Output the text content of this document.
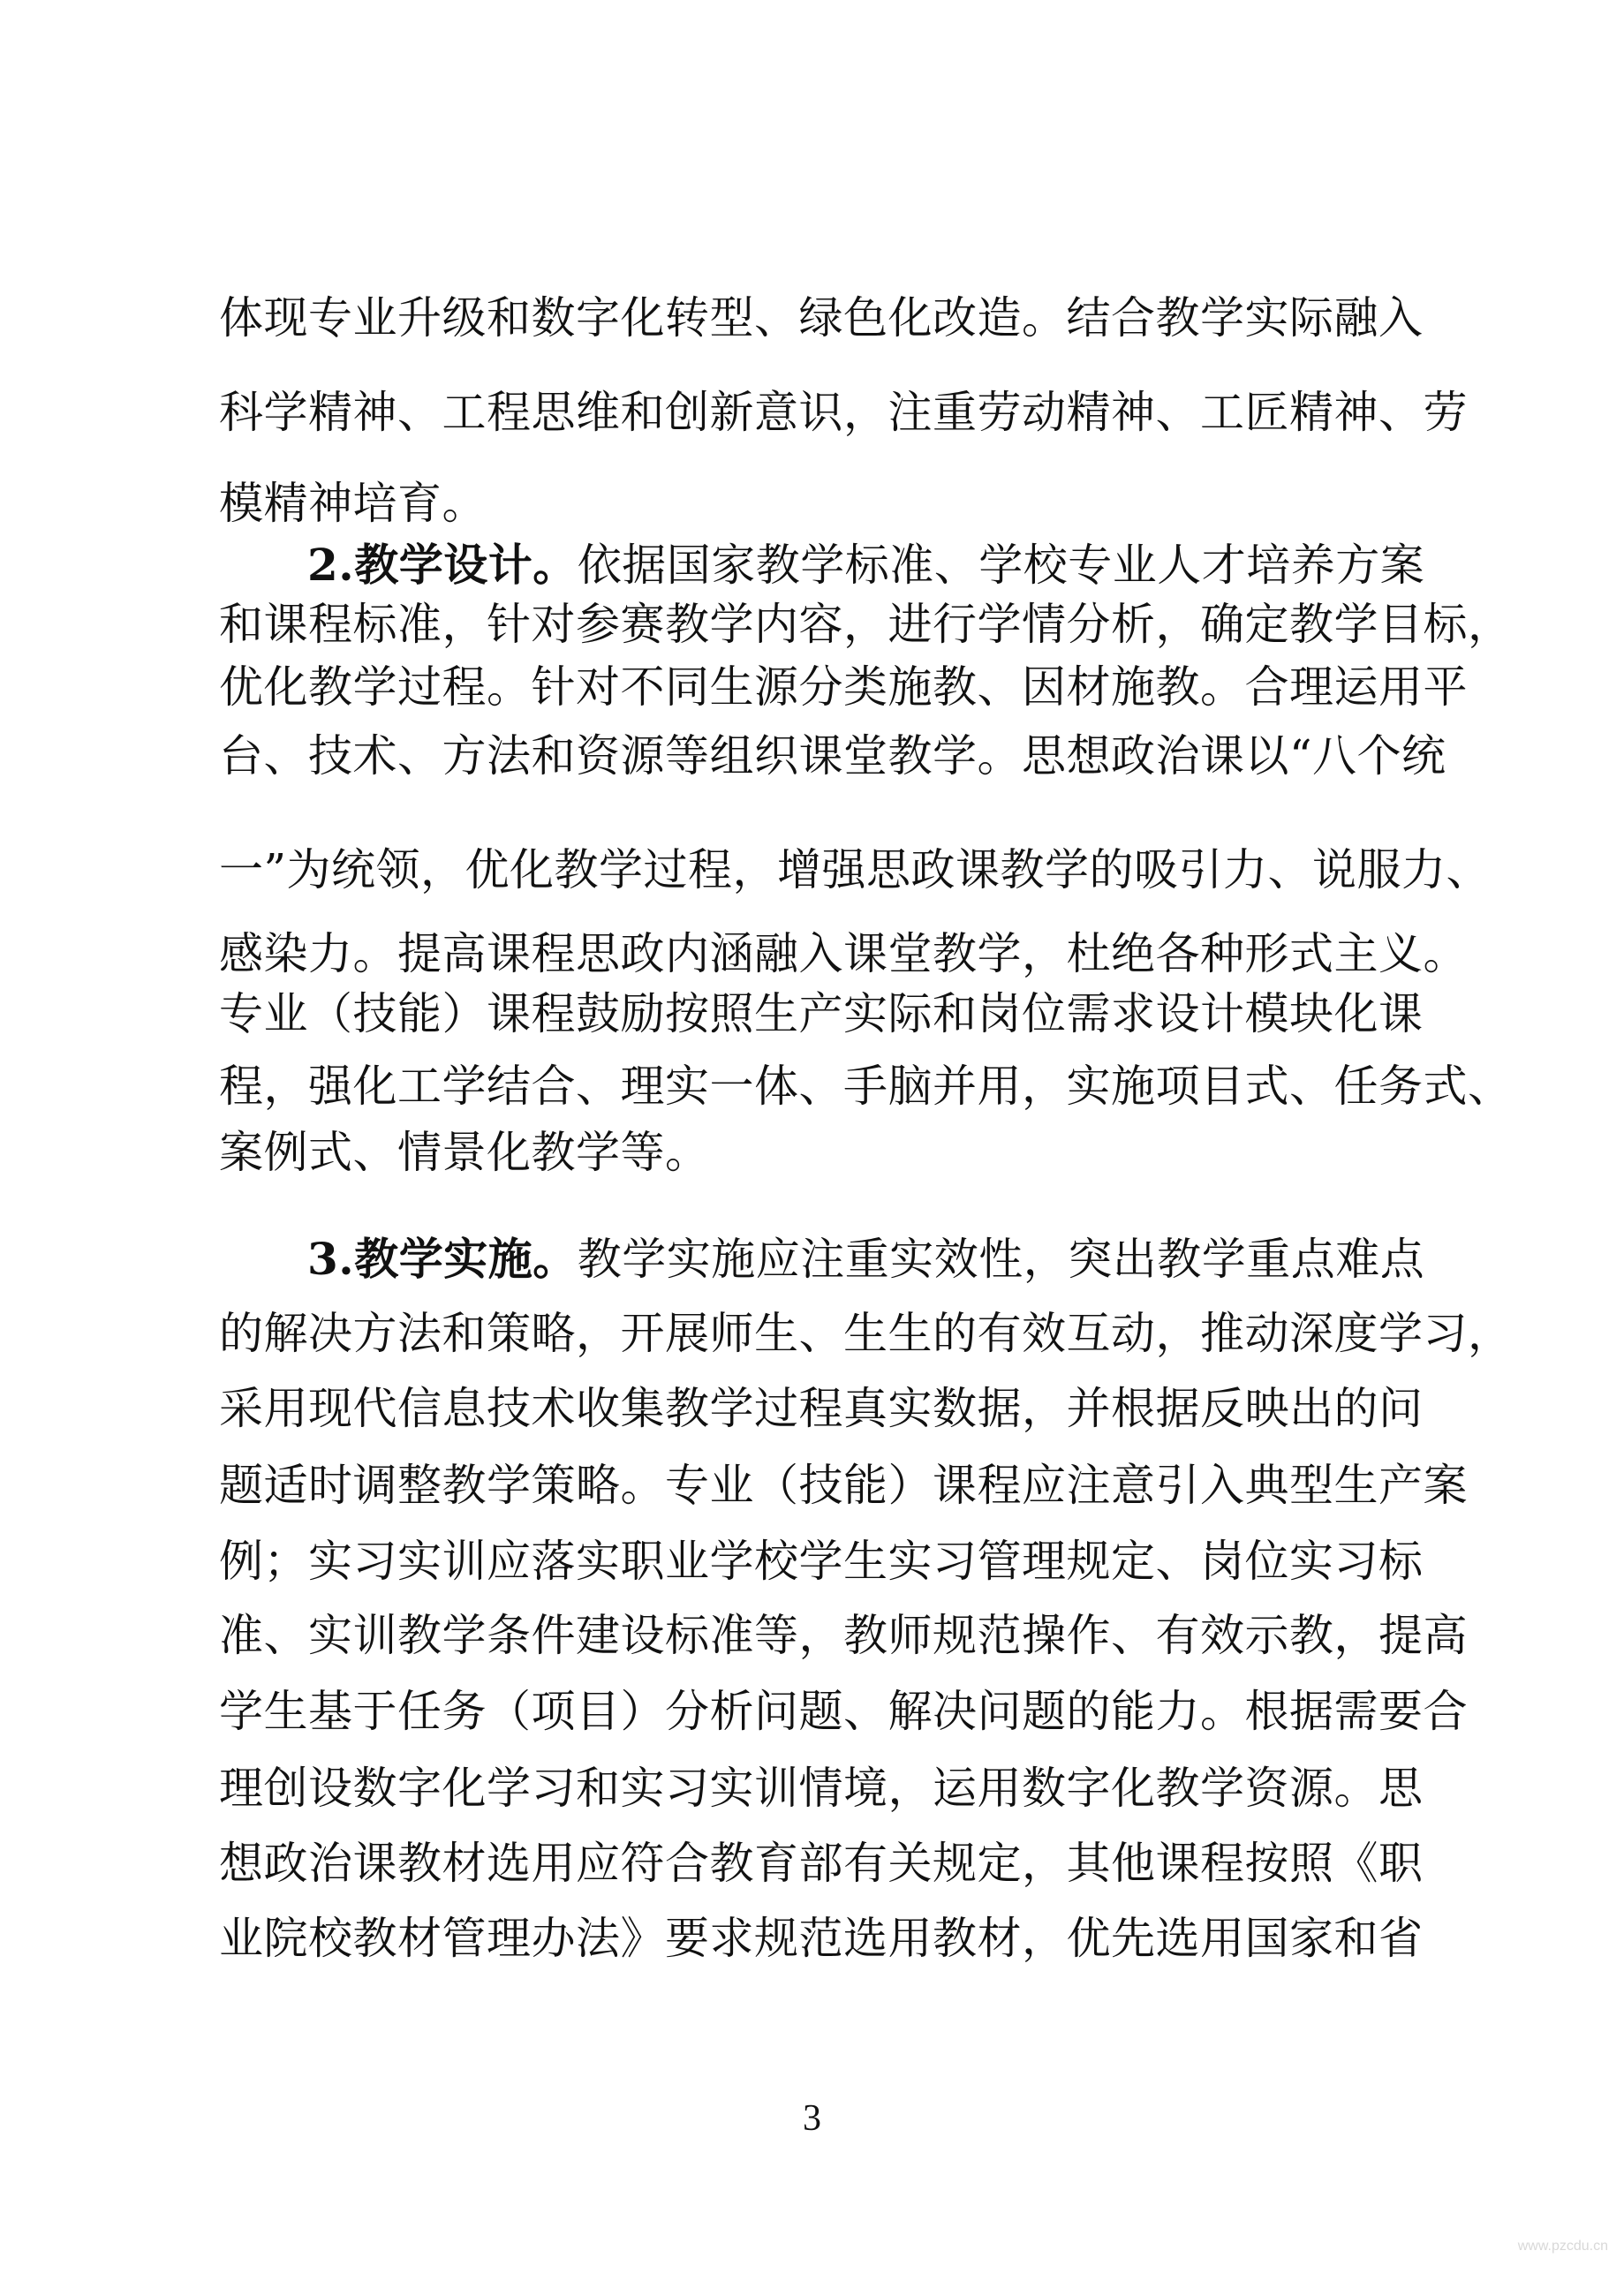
体现专业升级和数字化转型、绿色化改造。结合教学实际融入
科学精神、工程思维和创新意识，注重劳动精神、工匠精神、劳
模精神培育。
2.教学设计。依据国家教学标准、学校专业人才培养方案
和课程标准，针对参赛教学内容，进行学情分析，确定教学目标，
优化教学过程。针对不同生源分类施教、因材施教。合理运用平
台、技术、方法和资源等组织课堂教学。思想政治课以“八个统
一”为统领，优化教学过程，增强思政课教学的吸引力、说服力、
感染力。提高课程思政内涵融入课堂教学，杜绝各种形式主义。
专业（技能）课程鼓励按照生产实际和岗位需求设计模块化课
程，强化工学结合、理实一体、手脑并用，实施项目式、任务式、
案例式、情景化教学等。
3.教学实施。教学实施应注重实效性，突出教学重点难点
的解决方法和策略，开展师生、生生的有效互动，推动深度学习，
采用现代信息技术收集教学过程真实数据，并根据反映出的问
题适时调整教学策略。专业（技能）课程应注意引入典型生产案
例；实习实训应落实职业学校学生实习管理规定、岗位实习标
准、实训教学条件建设标准等，教师规范操作、有效示教，提高
学生基于任务（项目）分析问题、解决问题的能力。根据需要合
理创设数字化学习和实习实训情境，运用数字化教学资源。思
想政治课教材选用应符合教育部有关规定，其他课程按照《职
业院校教材管理办法》要求规范选用教材，优先选用国家和省
3
www.pzcdu.cn
